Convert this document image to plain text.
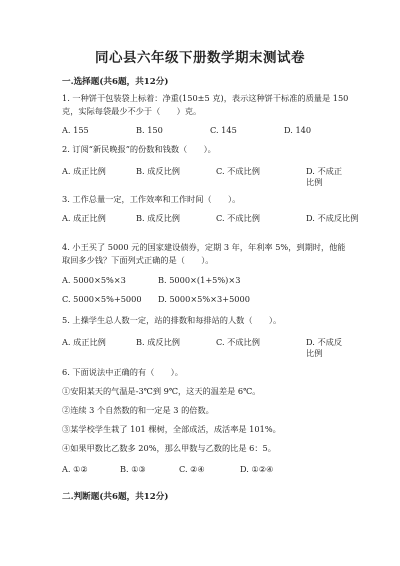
同心县六年级下册数学期末测试卷
一.选择题(共6题，共12分)
1. 一种饼干包装袋上标着：净重(150±5 克)，表示这种饼干标准的质量是 150 克，实际每袋最少不少于（　　）克。
A. 155	B. 150	C. 145	D. 140
2. 订阅“新民晚报”的份数和钱数（　　）。
A. 成正比例	B. 成反比例	C. 不成比例	D. 不成正比例
3. 工作总量一定，工作效率和工作时间（　　）。
A. 成正比例	B. 成反比例	C. 不成比例	D. 不成反比例
4. 小王买了 5000 元的国家建设债券，定期 3 年，年利率 5%，到期时，他能取回多少钱？下面列式正确的是（　　）。
A. 5000×5%×3	B. 5000×(1+5%)×3
C. 5000×5%+5000 D. 5000×5%×3+5000
5. 上操学生总人数一定，站的排数和每排站的人数（　　）。
A. 成正比例	B. 成反比例	C. 不成比例	D. 不成反比例
6. 下面说法中正确的有（　　）。
①安阳某天的气温是-3℃到 9℃，这天的温差是 6℃。
②连续 3 个自然数的和一定是 3 的倍数。
③某学校学生栽了 101 棵树，全部成活，成活率是 101%。
④如果甲数比乙数多 20%，那么甲数与乙数的比是 6：5。
A. ①②	B. ①③	C. ②④	D. ①②④
二.判断题(共6题，共12分)
